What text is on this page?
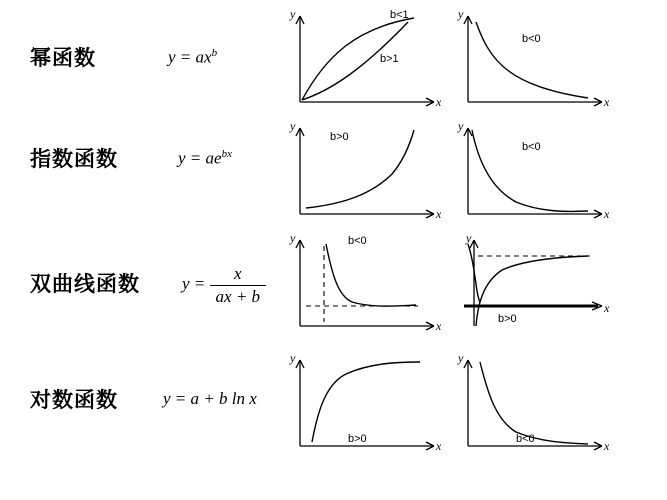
幂函数	$y = ax^b$
y
x
b<1
b>1
y
x
b<0
指数函数	$y = ae^{bx}$
y
x
b>0
y
x
b<0
双曲线函数 $y = \frac{x}{ax + b}$
y
x
b<0	y
x
b>0
对数函数	y = a + b ln x
y
x
b>0
y
x
b<0
